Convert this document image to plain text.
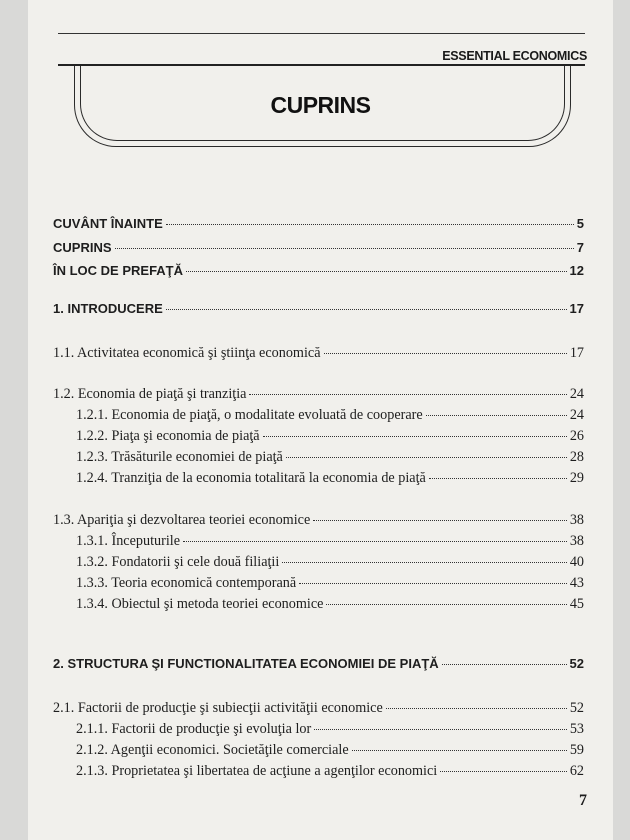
ESSENTIAL ECONOMICS
CUPRINS
CUVÂNT ÎNAINTE	5
CUPRINS	7
ÎN LOC DE PREFAŢĂ	12
1. INTRODUCERE	17
1.1. Activitatea economică şi ştiinţa economică	17
1.2. Economia de piaţă şi tranziţia	24
1.2.1. Economia de piaţă, o modalitate evoluată de cooperare	24
1.2.2. Piaţa şi economia de piaţă	26
1.2.3. Trăsăturile economiei de piaţă	28
1.2.4. Tranziţia de la economia totalitară la economia de piaţă	29
1.3. Apariţia şi dezvoltarea teoriei economice	38
1.3.1. Începuturile	38
1.3.2. Fondatorii şi cele două filiaţii	40
1.3.3. Teoria economică contemporană	43
1.3.4. Obiectul şi metoda teoriei economice	45
2. STRUCTURA ŞI FUNCTIONALITATEA ECONOMIEI DE PIAŢĂ	52
2.1. Factorii de producţie şi subiecţii activităţii economice	52
2.1.1. Factorii de producţie şi evoluţia lor	53
2.1.2. Agenţii economici. Societăţile comerciale	59
2.1.3. Proprietatea şi libertatea de acţiune a agenţilor economici	62
7
